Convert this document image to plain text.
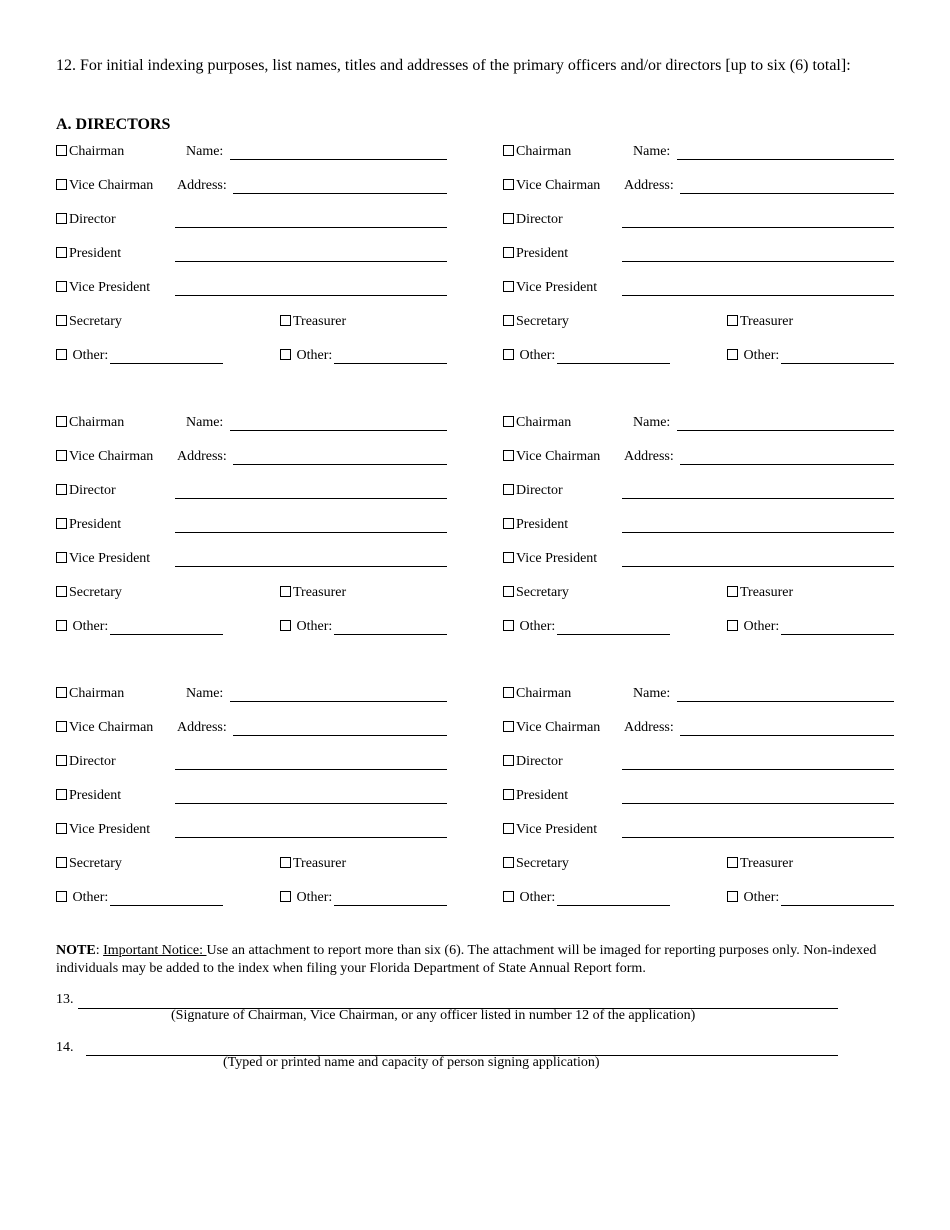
12. For initial indexing purposes, list names, titles and addresses of the primary officers and/or directors [up to six (6) total]:
A. DIRECTORS
Chairman
Vice Chairman
Director
President
Vice President
Secretary	Treasurer
Other:	Other:
Name:
Address:
Chairman
Vice Chairman
Director
President
Vice President
Secretary	Treasurer
Other:	Other:
Name:
Address:
Chairman
Vice Chairman
Director
President
Vice President
Secretary	Treasurer
Other:	Other:
Name:
Address:
Chairman
Vice Chairman
Director
President
Vice President
Secretary	Treasurer
Other:	Other:
Name:
Address:
Chairman
Vice Chairman
Director
President
Vice President
Secretary	Treasurer
Other:	Other:
Name:
Address:
Chairman
Vice Chairman
Director
President
Vice President
Secretary	Treasurer
Other:	Other:
Name:
Address:
NOTE: Important Notice: Use an attachment to report more than six (6). The attachment will be imaged for reporting purposes only. Non-indexed individuals may be added to the index when filing your Florida Department of State Annual Report form.
13.
(Signature of Chairman, Vice Chairman, or any officer listed in number 12 of the application)
14.
(Typed or printed name and capacity of person signing application)
